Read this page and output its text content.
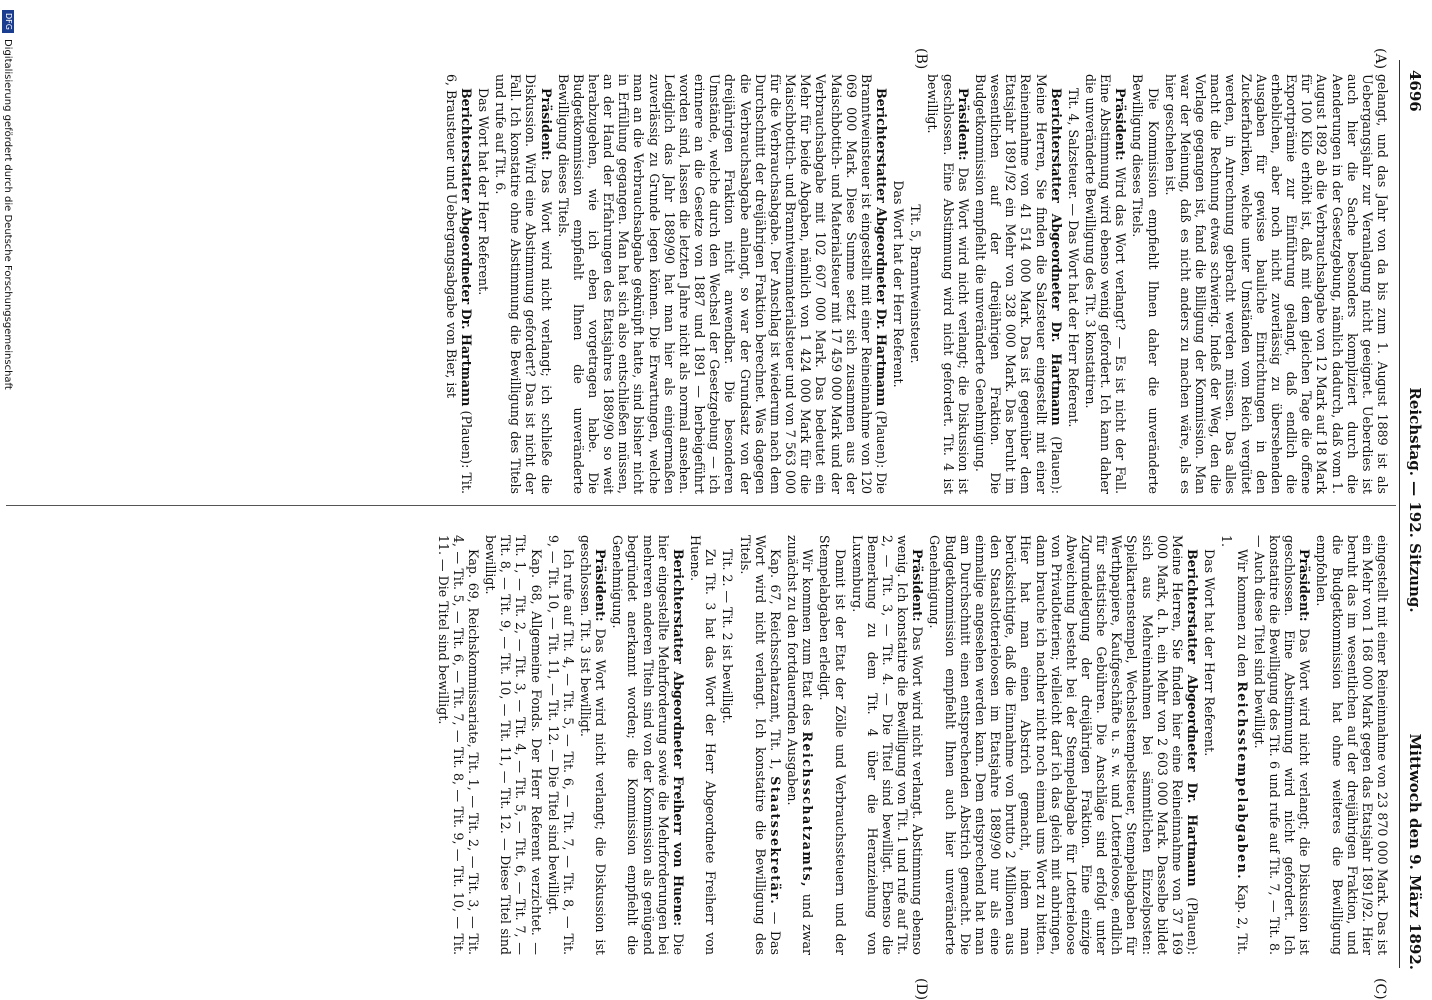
4696
Reichstag. — 192. Sitzung.
Mittwoch den 9. März 1892.
(A)
(B)
(C)
(D)

gelangt, und das Jahr von da bis zum 1. August 1889 ist als Uebergangsjahr zur Veranlagung nicht geeignet. Ueberdies ist auch hier die Sache besonders kompliziert durch die Aenderungen in der Gesetzgebung, nämlich dadurch, daß vom 1. August 1892 ab die Verbrauchsabgabe von 12 Mark auf 18 Mark für 100 Kilo erhöht ist, daß mit dem gleichen Tage die offene Exportprämie zur Einführung gelangt, daß endlich die erheblichen, aber noch nicht zuverlässig zu übersehenden Ausgaben für gewisse bauliche Einrichtungen in den Zuckerfabriken, welche unter Umständen vom Reich vergütet werden, in Anrechnung gebracht werden müssen. Das alles macht die Rechnung etwas schwierig. Indeß der Weg, den die Vorlage gegangen ist, fand die Billigung der Kommission. Man war der Meinung, daß es nicht anders zu machen wäre, als es hier geschehen ist.

Die Kommission empfiehlt Ihnen daher die unveränderte Bewilligung dieses Titels.

Präsident: Wird das Wort verlangt? — Es ist nicht der Fall. Eine Abstimmung wird ebenso wenig gefordert. Ich kann daher die unveränderte Bewilligung des Tit. 3 konstatiren.

Tit. 4, Salzsteuer. — Das Wort hat der Herr Referent.

Berichterstatter Abgeordneter Dr. Hartmann (Plauen): Meine Herren, Sie finden die Salzsteuer eingestellt mit einer Reineinnahme von 41 514 000 Mark. Das ist gegenüber dem Etatsjahr 1891/92 ein Mehr von 328 000 Mark. Das beruht im wesentlichen auf der dreijährigen Fraktion. Die Budgetkommission empfiehlt die unveränderte Genehmigung.

Präsident: Das Wort wird nicht verlangt; die Diskussion ist geschlossen. Eine Abstimmung wird nicht gefordert. Tit. 4 ist bewilligt.

Tit. 5, Branntweinsteuer.

Das Wort hat der Herr Referent.

Berichterstatter Abgeordneter Dr. Hartmann (Plauen): Die Branntweinsteuer ist eingestellt mit einer Reineinnahme von 120 069 000 Mark. Diese Summe setzt sich zusammen aus der Maischbottich- und Materialsteuer mit 17 459 000 Mark und der Verbrauchsabgabe mit 102 607 000 Mark. Das bedeutet ein Mehr für beide Abgaben, nämlich von 1 424 000 Mark für die Maischbottich- und Branntweinmaterialsteuer und von 7 563 000 für die Verbrauchsabgabe. Der Anschlag ist wiederum nach dem Durchschnitt der dreijährigen Fraktion berechnet. Was dagegen die Verbrauchsabgabe anlangt, so war der Grundsatz von der dreijährigen Fraktion nicht anwendbar. Die besonderen Umstände, welche durch den Wechsel der Gesetzgebung — ich erinnere an die Gesetze von 1887 und 1891 — herbeigeführt worden sind, lassen die letzten Jahre nicht als normal ansehen. Lediglich das Jahr 1889/90 hat man hier als einigermaßen zuverlässig zu Grunde legen können. Die Erwartungen, welche man an die Verbrauchsabgabe geknüpft hatte, sind bisher nicht in Erfüllung gegangen. Man hat sich also entschließen müssen, an der Hand der Erfahrungen des Etatsjahres 1889/90 so weit herabzugehen, wie ich eben vorgetragen habe. Die Budgetkommission empfiehlt Ihnen die unveränderte Bewilligung dieses Titels.

Präsident: Das Wort wird nicht verlangt; ich schließe die Diskussion. Wird eine Abstimmung gefordert? Das ist nicht der Fall. Ich konstatire ohne Abstimmung die Bewilligung des Titels und rufe auf Tit. 6.

Das Wort hat der Herr Referent.

Berichterstatter Abgeordneter Dr. Hartmann (Plauen): Tit. 6, Brausteuer und Uebergangsabgabe von Bier, ist

eingestellt mit einer Reineinnahme von 23 870 000 Mark. Das ist ein Mehr von 1 168 000 Mark gegen das Etatsjahr 1891/92. Hier beruht das im wesentlichen auf der dreijährigen Fraktion, und die Budgetkommission hat ohne weiteres die Bewilligung empfohlen.

Präsident: Das Wort wird nicht verlangt; die Diskussion ist geschlossen. Eine Abstimmung wird nicht gefordert. Ich konstatire die Bewilligung des Tit. 6 und rufe auf Tit. 7, — Tit. 8. — Auch diese Titel sind bewilligt.

Wir kommen zu den Reichsstempelabgaben. Kap. 2, Tit. 1.

Das Wort hat der Herr Referent.

Berichterstatter Abgeordneter Dr. Hartmann (Plauen): Meine Herren, Sie finden hier eine Reineinnahme von 37 169 000 Mark, d. h. ein Mehr von 2 603 000 Mark. Dasselbe bildet sich aus Mehreinnahmen bei sämmtlichen Einzelposten: Spielkartenstempel, Wechselstempelsteuer, Stempelabgaben für Werthpapiere, Kaufgeschäfte u. s. w. und Lotterieloose, endlich für statistische Gebühren. Die Anschläge sind erfolgt unter Zugrundelegung der dreijährigen Fraktion. Eine einzige Abweichung besteht bei der Stempelabgabe für Lotterieloose von Privatlotterien; vielleicht darf ich das gleich mit anbringen, dann brauche ich nachher nicht noch einmal ums Wort zu bitten. Hier hat man einen Abstrich gemacht, indem man berücksichtigte, daß die Einnahme von brutto 2 Millionen aus den Staatslotterieloosen im Etatsjahre 1889/90 nur als eine einmalige angesehen werden kann. Dem entsprechend hat man am Durchschnitt einen entsprechenden Abstrich gemacht. Die Budgetkommission empfiehlt Ihnen auch hier unveränderte Genehmigung.

Präsident: Das Wort wird nicht verlangt. Abstimmung ebenso wenig. Ich konstatire die Bewilligung von Tit. 1 und rufe auf Tit. 2, — Tit. 3, — Tit. 4. — Die Titel sind bewilligt. Ebenso die Bemerkung zu dem Tit. 4 über die Heranziehung von Luxemburg.

Damit ist der Etat der Zölle und Verbrauchssteuern und der Stempelabgaben erledigt.

Wir kommen zum Etat des Reichsschatzamts, und zwar zunächst zu den fortdauernden Ausgaben.

Kap. 67, Reichsschatzamt, Tit. 1, Staatssekretär. — Das Wort wird nicht verlangt. Ich konstatire die Bewilligung des Titels.

Tit. 2. — Tit. 2 ist bewilligt.

Zu Tit. 3 hat das Wort der Herr Abgeordnete Freiherr von Huene.

Berichterstatter Abgeordneter Freiherr von Huene: Die hier eingestellte Mehrforderung sowie die Mehrforderungen bei mehreren anderen Titeln sind von der Kommission als genügend begründet anerkannt worden; die Kommission empfiehlt die Genehmigung.

Präsident: Das Wort wird nicht verlangt; die Diskussion ist geschlossen. Tit. 3 ist bewilligt.

Ich rufe auf Tit. 4, — Tit. 5, — Tit. 6, — Tit. 7, — Tit. 8, — Tit. 9, — Tit. 10, — Tit. 11, — Tit. 12. — Die Titel sind bewilligt.

Kap. 68, Allgemeine Fonds. Der Herr Referent verzichtet. — Tit. 1, — Tit. 2, — Tit. 3, — Tit. 4, — Tit. 5, — Tit. 6, — Tit. 7, — Tit. 8, — Tit. 9, — Tit. 10, — Tit. 11, — Tit. 12. — Diese Titel sind bewilligt.

Kap. 69, Reichskommissariate, Tit. 1, — Tit. 2, — Tit. 3, — Tit. 4, — Tit. 5, — Tit. 6, — Tit. 7, — Tit. 8, — Tit. 9, — Tit. 10, — Tit. 11. — Die Titel sind bewilligt.

DFGDigitalisierung gefördert durch die Deutsche Forschungsgemeinschaft
